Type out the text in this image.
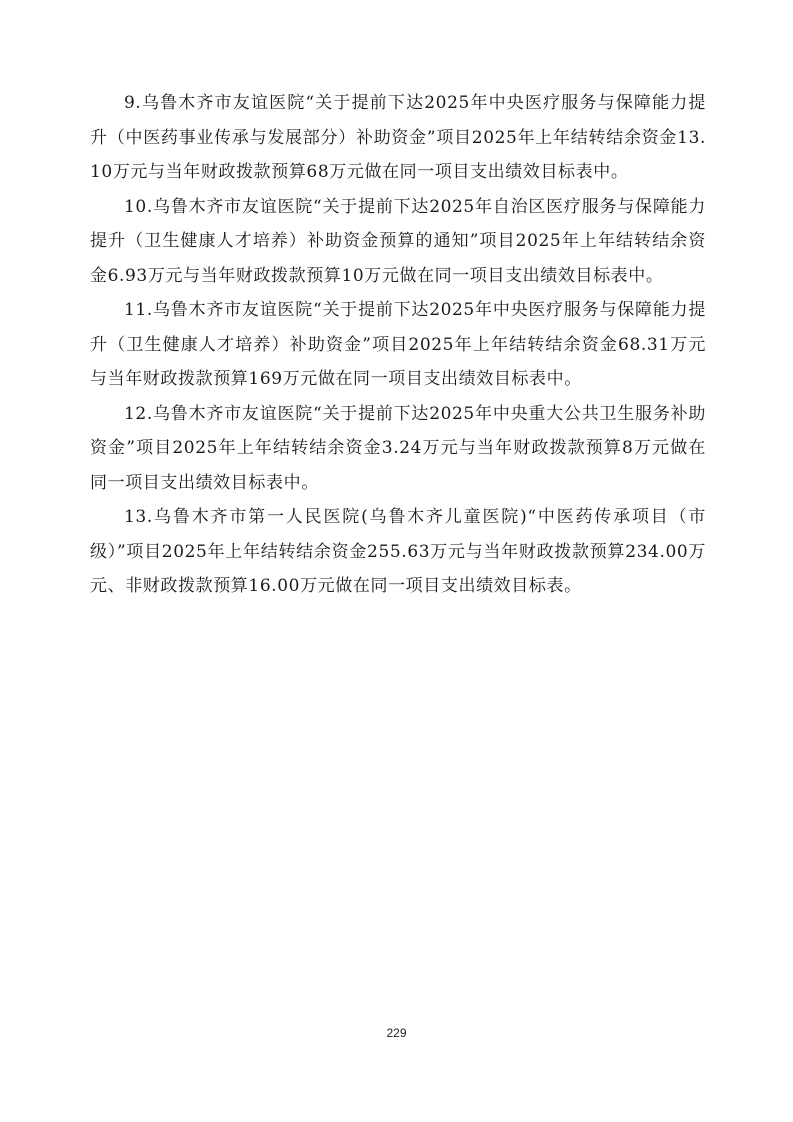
9.乌鲁木齐市友谊医院“关于提前下达2025年中央医疗服务与保障能力提升（中医药事业传承与发展部分）补助资金”项目2025年上年结转结余资金13.10万元与当年财政拨款预算68万元做在同一项目支出绩效目标表中。

10.乌鲁木齐市友谊医院“关于提前下达2025年自治区医疗服务与保障能力提升（卫生健康人才培养）补助资金预算的通知”项目2025年上年结转结余资金6.93万元与当年财政拨款预算10万元做在同一项目支出绩效目标表中。

11.乌鲁木齐市友谊医院“关于提前下达2025年中央医疗服务与保障能力提升（卫生健康人才培养）补助资金”项目2025年上年结转结余资金68.31万元与当年财政拨款预算169万元做在同一项目支出绩效目标表中。

12.乌鲁木齐市友谊医院“关于提前下达2025年中央重大公共卫生服务补助资金”项目2025年上年结转结余资金3.24万元与当年财政拨款预算8万元做在同一项目支出绩效目标表中。

13.乌鲁木齐市第一人民医院(乌鲁木齐儿童医院)“中医药传承项目（市级）”项目2025年上年结转结余资金255.63万元与当年财政拨款预算234.00万元、非财政拨款预算16.00万元做在同一项目支出绩效目标表。

229
